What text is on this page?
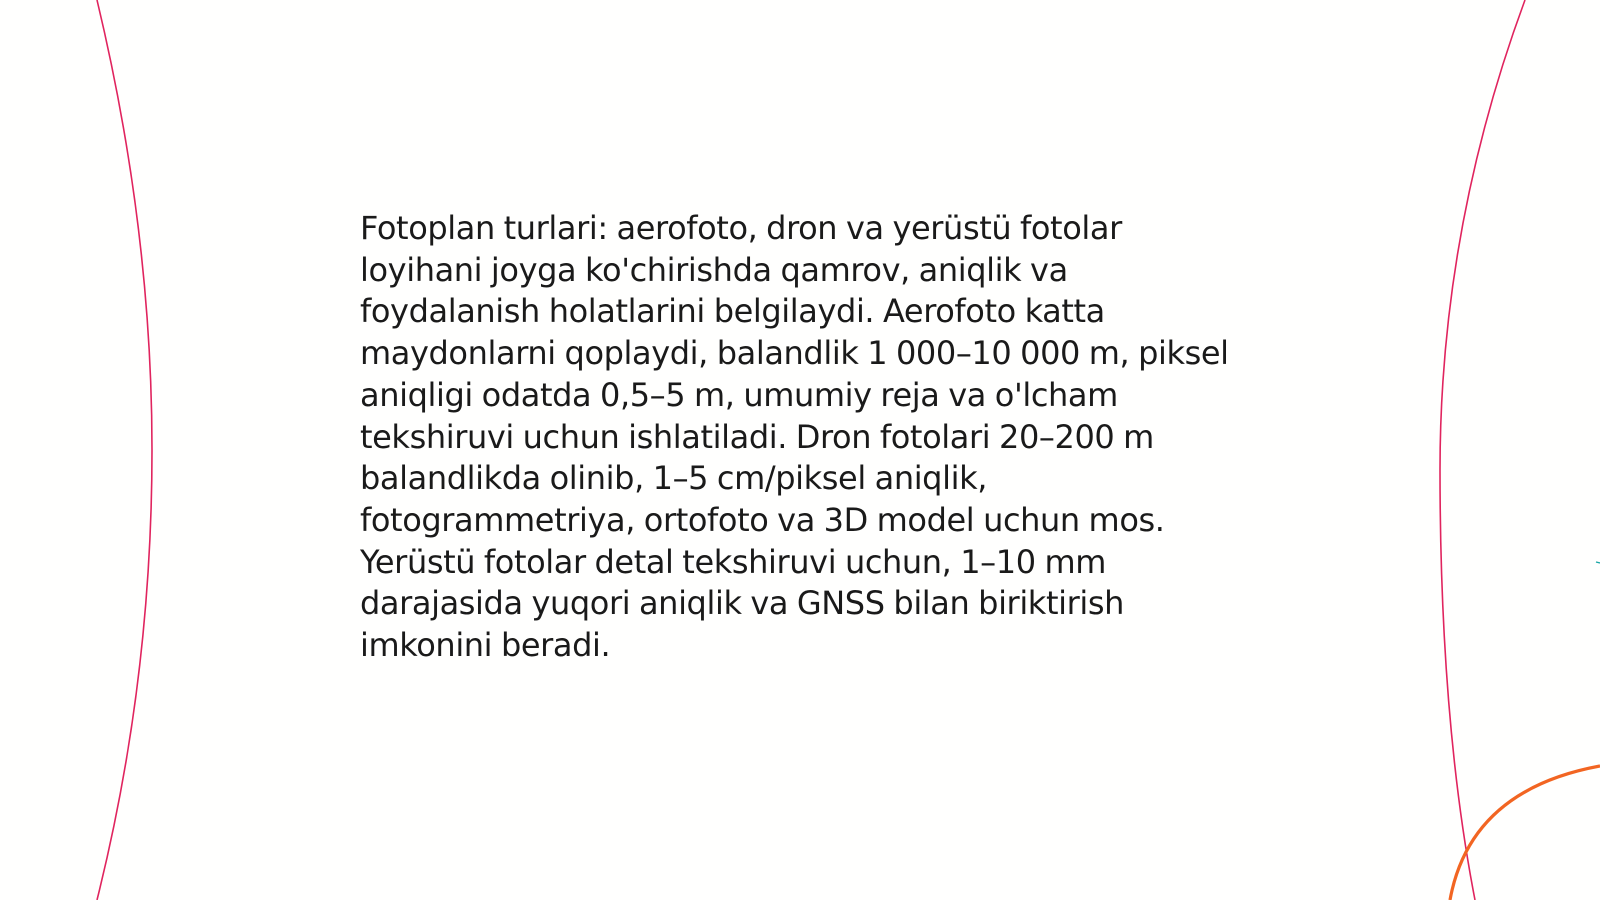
Fotoplan turlari: aerofoto, dron va yerüstü fotolar loyihani joyga ko'chirishda qamrov, aniqlik va foydalanish holatlarini belgilaydi. Aerofoto katta maydonlarni qoplaydi, balandlik 1 000–10 000 m, piksel aniqligi odatda 0,5–5 m, umumiy reja va o'lcham tekshiruvi uchun ishlatiladi. Dron fotolari 20–200 m balandlikda olinib, 1–5 cm/piksel aniqlik, fotogrammetriya, ortofoto va 3D model uchun mos. Yerüstü fotolar detal tekshiruvi uchun, 1–10 mm darajasida yuqori aniqlik va GNSS bilan biriktirish imkonini beradi.
